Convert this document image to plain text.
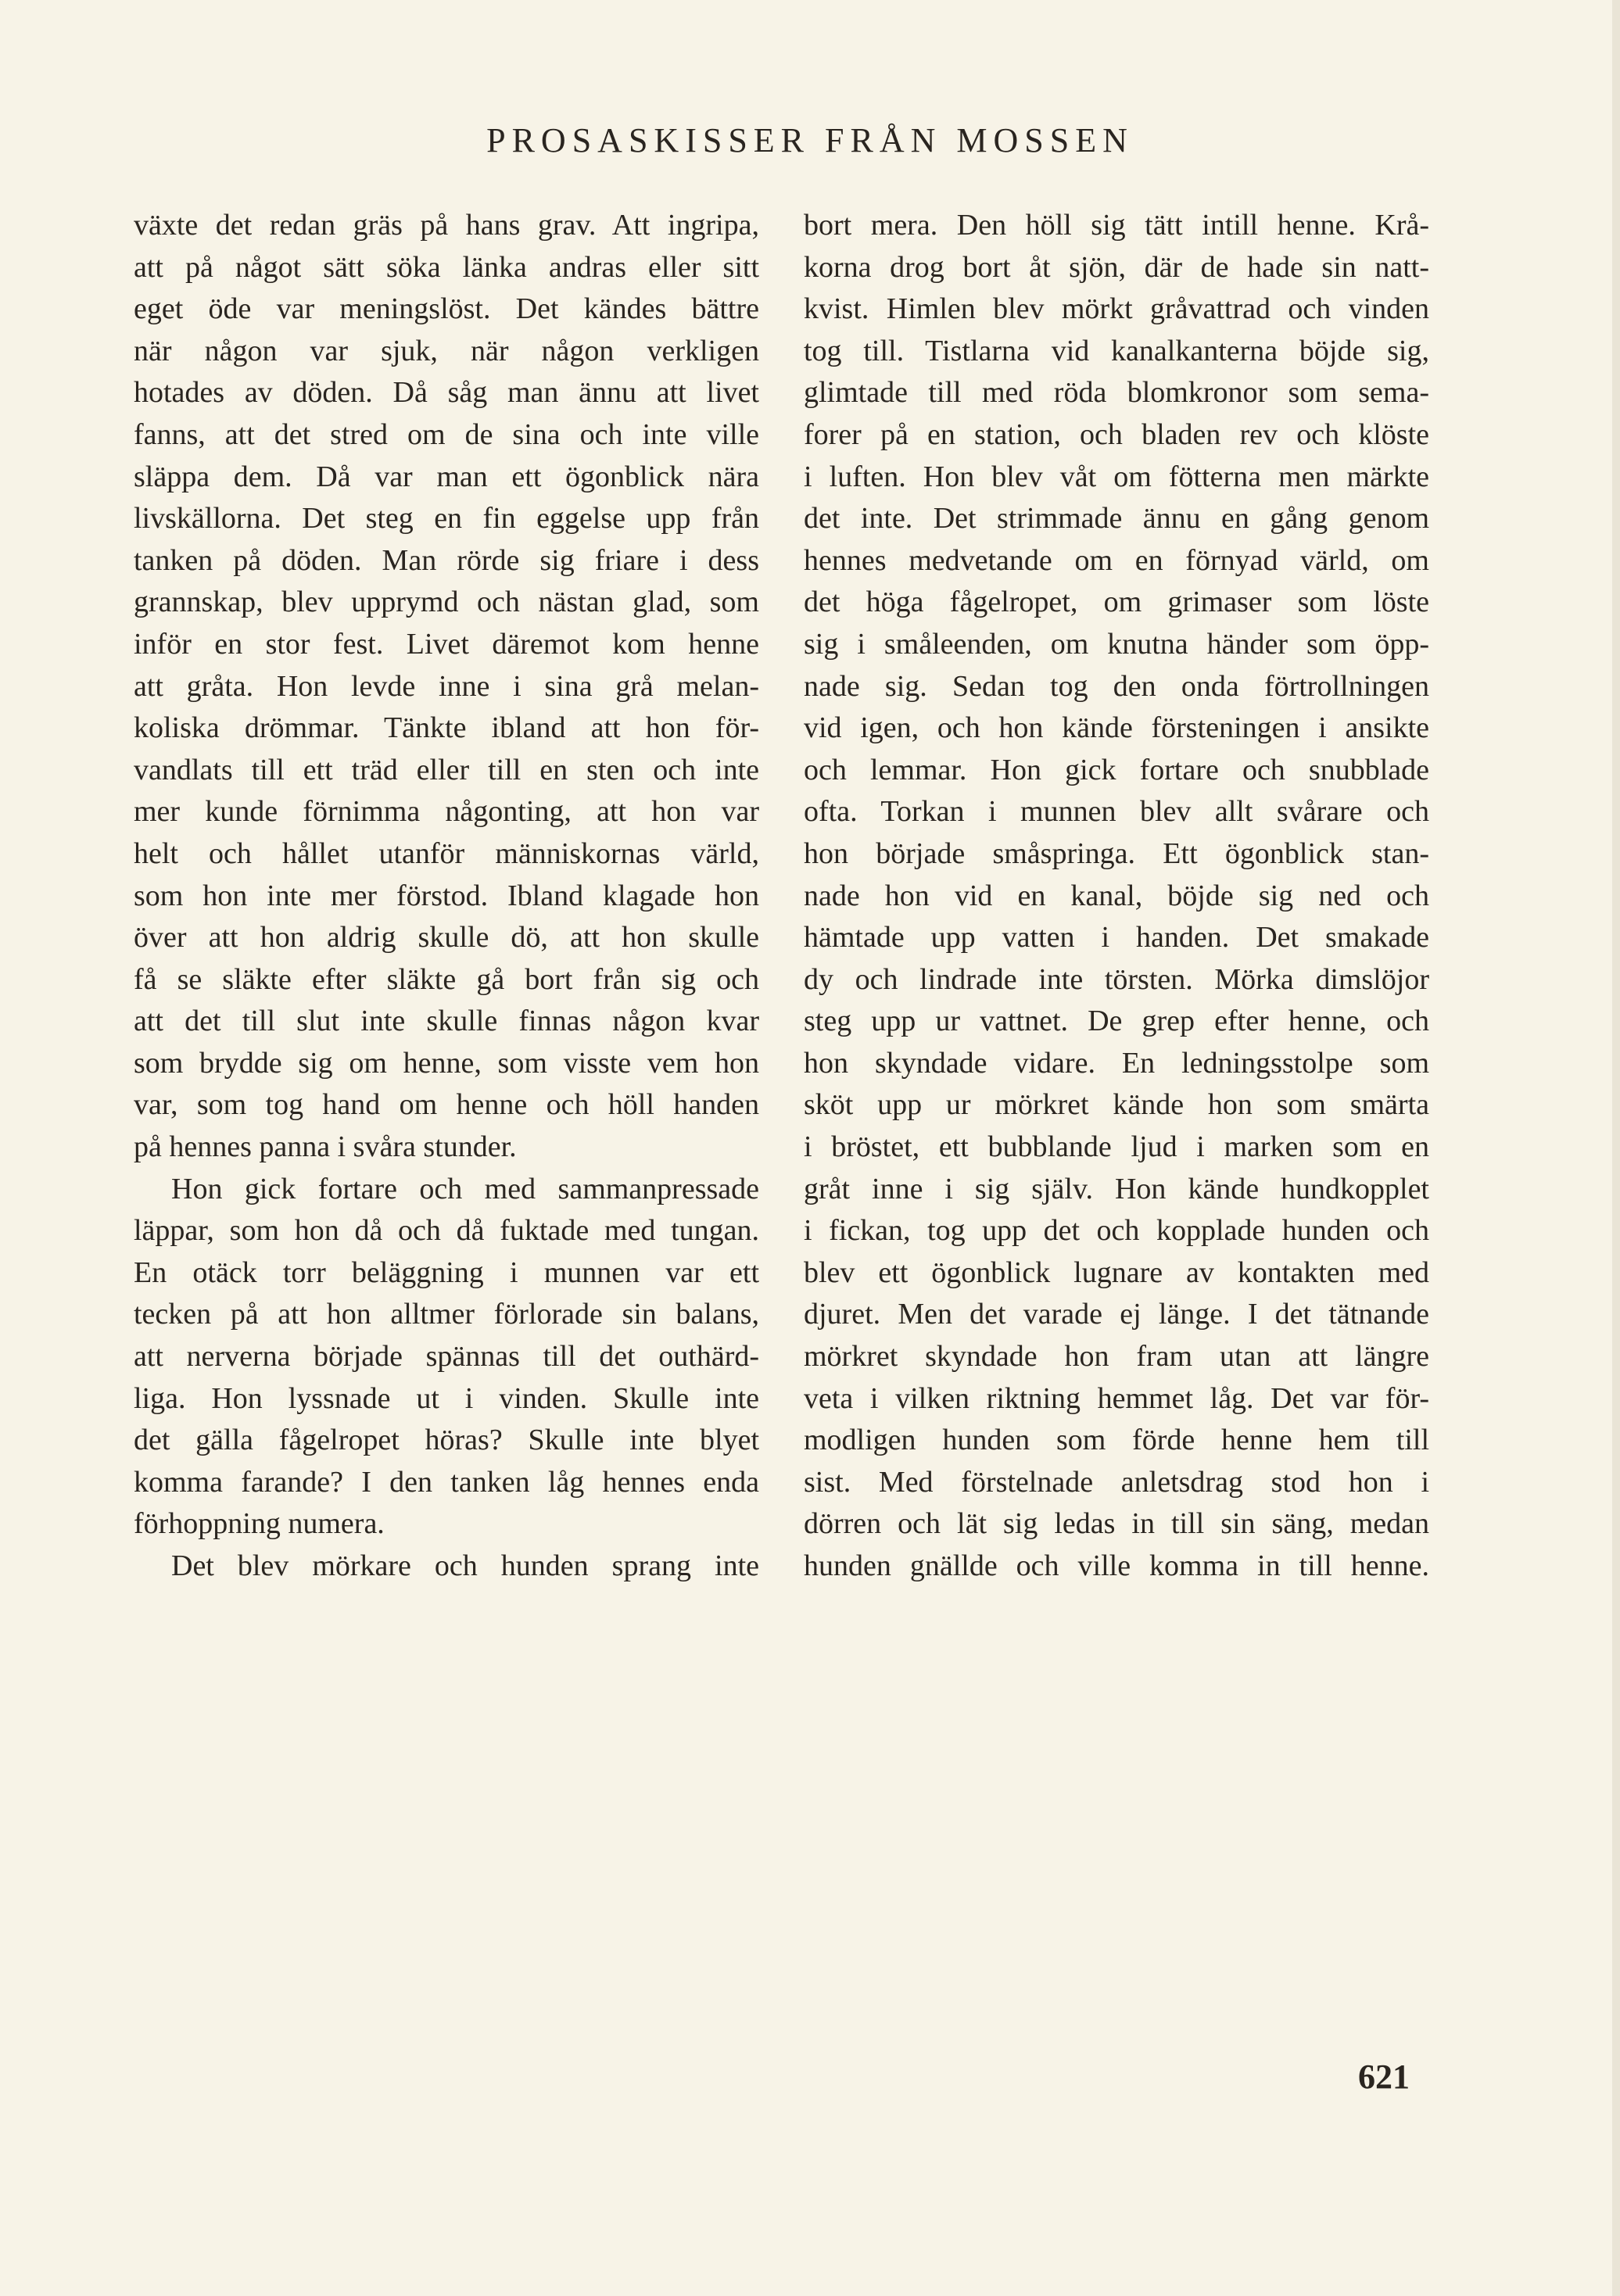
PROSASKISSER FRÅN MOSSEN

växte det redan gräs på hans grav. Att ingripa,

att på något sätt söka länka andras eller sitt

eget öde var meningslöst. Det kändes bättre

när någon var sjuk, när någon verkligen

hotades av döden. Då såg man ännu att livet

fanns, att det stred om de sina och inte ville

släppa dem. Då var man ett ögonblick nära

livskällorna. Det steg en fin eggelse upp från

tanken på döden. Man rörde sig friare i dess

grannskap, blev upprymd och nästan glad, som

inför en stor fest. Livet däremot kom henne

att gråta. Hon levde inne i sina grå melan-

koliska drömmar. Tänkte ibland att hon för-

vandlats till ett träd eller till en sten och inte

mer kunde förnimma någonting, att hon var

helt och hållet utanför människornas värld,

som hon inte mer förstod. Ibland klagade hon

över att hon aldrig skulle dö, att hon skulle

få se släkte efter släkte gå bort från sig och

att det till slut inte skulle finnas någon kvar

som brydde sig om henne, som visste vem hon

var, som tog hand om henne och höll handen

på hennes panna i svåra stunder.

Hon gick fortare och med sammanpressade

läppar, som hon då och då fuktade med tungan.

En otäck torr beläggning i munnen var ett

tecken på att hon alltmer förlorade sin balans,

att nerverna började spännas till det outhärd-

liga. Hon lyssnade ut i vinden. Skulle inte

det gälla fågelropet höras? Skulle inte blyet

komma farande? I den tanken låg hennes enda

förhoppning numera.

Det blev mörkare och hunden sprang inte

bort mera. Den höll sig tätt intill henne. Krå-

korna drog bort åt sjön, där de hade sin natt-

kvist. Himlen blev mörkt gråvattrad och vinden

tog till. Tistlarna vid kanalkanterna böjde sig,

glimtade till med röda blomkronor som sema-

forer på en station, och bladen rev och klöste

i luften. Hon blev våt om fötterna men märkte

det inte. Det strimmade ännu en gång genom

hennes medvetande om en förnyad värld, om

det höga fågelropet, om grimaser som löste

sig i småleenden, om knutna händer som öpp-

nade sig. Sedan tog den onda förtrollningen

vid igen, och hon kände försteningen i ansikte

och lemmar. Hon gick fortare och snubblade

ofta. Torkan i munnen blev allt svårare och

hon började småspringa. Ett ögonblick stan-

nade hon vid en kanal, böjde sig ned och

hämtade upp vatten i handen. Det smakade

dy och lindrade inte törsten. Mörka dimslöjor

steg upp ur vattnet. De grep efter henne, och

hon skyndade vidare. En ledningsstolpe som

sköt upp ur mörkret kände hon som smärta

i bröstet, ett bubblande ljud i marken som en

gråt inne i sig själv. Hon kände hundkopplet

i fickan, tog upp det och kopplade hunden och

blev ett ögonblick lugnare av kontakten med

djuret. Men det varade ej länge. I det tätnande

mörkret skyndade hon fram utan att längre

veta i vilken riktning hemmet låg. Det var för-

modligen hunden som förde henne hem till

sist. Med förstelnade anletsdrag stod hon i

dörren och lät sig ledas in till sin säng, medan

hunden gnällde och ville komma in till henne.

621
